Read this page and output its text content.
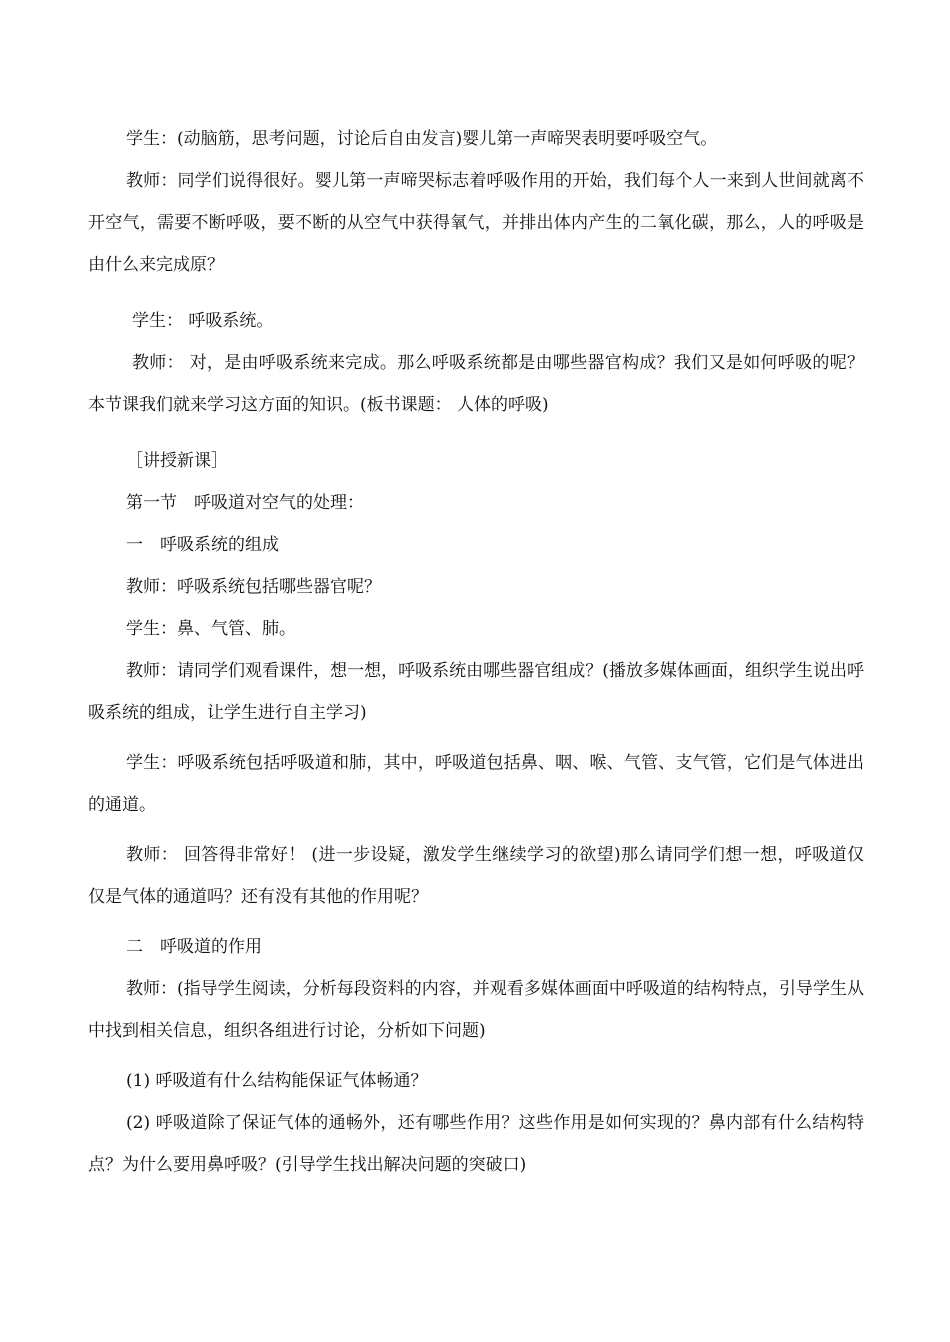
学生：(动脑筋，思考问题，讨论后自由发言)婴儿第一声啼哭表明要呼吸空气。

教师：同学们说得很好。婴儿第一声啼哭标志着呼吸作用的开始，我们每个人一来到人世间就离不开空气，需要不断呼吸，要不断的从空气中获得氧气，并排出体内产生的二氧化碳，那么，人的呼吸是由什么来完成原？

学生： 呼吸系统。

教师： 对，是由呼吸系统来完成。那么呼吸系统都是由哪些器官构成？我们又是如何呼吸的呢？本节课我们就来学习这方面的知识。(板书课题： 人体的呼吸)

［讲授新课］

第一节　呼吸道对空气的处理：

一　呼吸系统的组成

教师：呼吸系统包括哪些器官呢？

学生：鼻、气管、肺。

教师：请同学们观看课件，想一想，呼吸系统由哪些器官组成？(播放多媒体画面，组织学生说出呼吸系统的组成，让学生进行自主学习)

学生：呼吸系统包括呼吸道和肺，其中，呼吸道包括鼻、咽、喉、气管、支气管，它们是气体进出的通道。

教师： 回答得非常好！ (进一步设疑，激发学生继续学习的欲望)那么请同学们想一想，呼吸道仅仅是气体的通道吗？还有没有其他的作用呢？

二　呼吸道的作用

教师：(指导学生阅读，分析每段资料的内容，并观看多媒体画面中呼吸道的结构特点，引导学生从中找到相关信息，组织各组进行讨论，分析如下问题)

(1) 呼吸道有什么结构能保证气体畅通？

(2) 呼吸道除了保证气体的通畅外，还有哪些作用？这些作用是如何实现的？鼻内部有什么结构特点？为什么要用鼻呼吸？(引导学生找出解决问题的突破口)
